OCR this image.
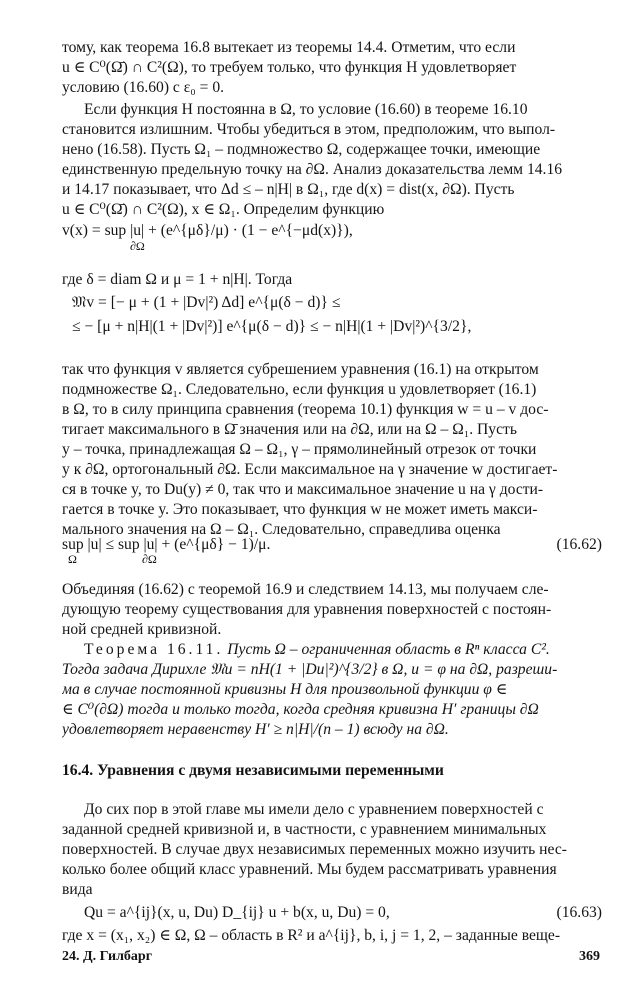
тому, как теорема 16.8 вытекает из теоремы 14.4. Отметим, что если
u ∈ C⁰(Ω̄) ∩ C²(Ω), то требуем только, что функция H удовлетворяет
условию (16.60) с ε₀ = 0.
Если функция H постоянна в Ω, то условие (16.60) в теореме 16.10
становится излишним. Чтобы убедиться в этом, предположим, что выпол-
нено (16.58). Пусть Ω₁ – подмножество Ω, содержащее точки, имеющие
единственную предельную точку на ∂Ω. Анализ доказательства лемм 14.16
и 14.17 показывает, что Δd ≤ – n|H| в Ω₁, где d(x) = dist(x, ∂Ω). Пусть
u ∈ C⁰(Ω̄) ∩ C²(Ω), x ∈ Ω₁. Определим функцию
v(x) = sup |u| + (e^{μδ}/μ) · (1 − e^{−μd(x)}),
∂Ω
где δ = diam Ω и μ = 1 + n|H|. Тогда
𝔐v = [− μ + (1 + |Dv|²) Δd] e^{μ(δ − d)} ≤
≤ − [μ + n|H|(1 + |Dv|²)] e^{μ(δ − d)} ≤ − n|H|(1 + |Dv|²)^{3/2},
так что функция v является субрешением уравнения (16.1) на открытом
подмножестве Ω₁. Следовательно, если функция u удовлетворяет (16.1)
в Ω, то в силу принципа сравнения (теорема 10.1) функция w = u – v дос-
тигает максимального в Ω̄ значения или на ∂Ω, или на Ω – Ω₁. Пусть
y – точка, принадлежащая Ω – Ω₁, γ – прямолинейный отрезок от точки
y к ∂Ω, ортогональный ∂Ω. Если максимальное на γ значение w достигает-
ся в точке y, то Du(y) ≠ 0, так что и максимальное значение u на γ дости-
гается в точке y. Это показывает, что функция w не может иметь макси-
мального значения на Ω – Ω₁. Следовательно, справедлива оценка
sup |u| ≤ sup |u| + (e^{μδ} − 1)/μ.
Ω	∂Ω
(16.62)
Объединяя (16.62) с теоремой 16.9 и следствием 14.13, мы получаем сле-
дующую теорему существования для уравнения поверхностей с постоян-
ной средней кривизной.
Теорема 16.11. Пусть Ω – ограниченная область в Rⁿ класса C².
Тогда задача Дирихле 𝔐u = nH(1 + |Du|²)^{3/2} в Ω, u = φ на ∂Ω, разреши-
ма в случае постоянной кривизны H для произвольной функции φ ∈
∈ C⁰(∂Ω) тогда и только тогда, когда средняя кривизна H′ границы ∂Ω
удовлетворяет неравенству H′ ≥ n|H|/(n – 1) всюду на ∂Ω.
16.4. Уравнения с двумя независимыми переменными
До сих пор в этой главе мы имели дело с уравнением поверхностей с
заданной средней кривизной и, в частности, с уравнением минимальных
поверхностей. В случае двух независимых переменных можно изучить нес-
колько более общий класс уравнений. Мы будем рассматривать уравнения
вида
Qu = a^{ij}(x, u, Du) D_{ij} u + b(x, u, Du) = 0,	(16.63)
где x = (x₁, x₂) ∈ Ω, Ω – область в R² и a^{ij}, b, i, j = 1, 2, – заданные веще-
24. Д. Гилбарг	369
